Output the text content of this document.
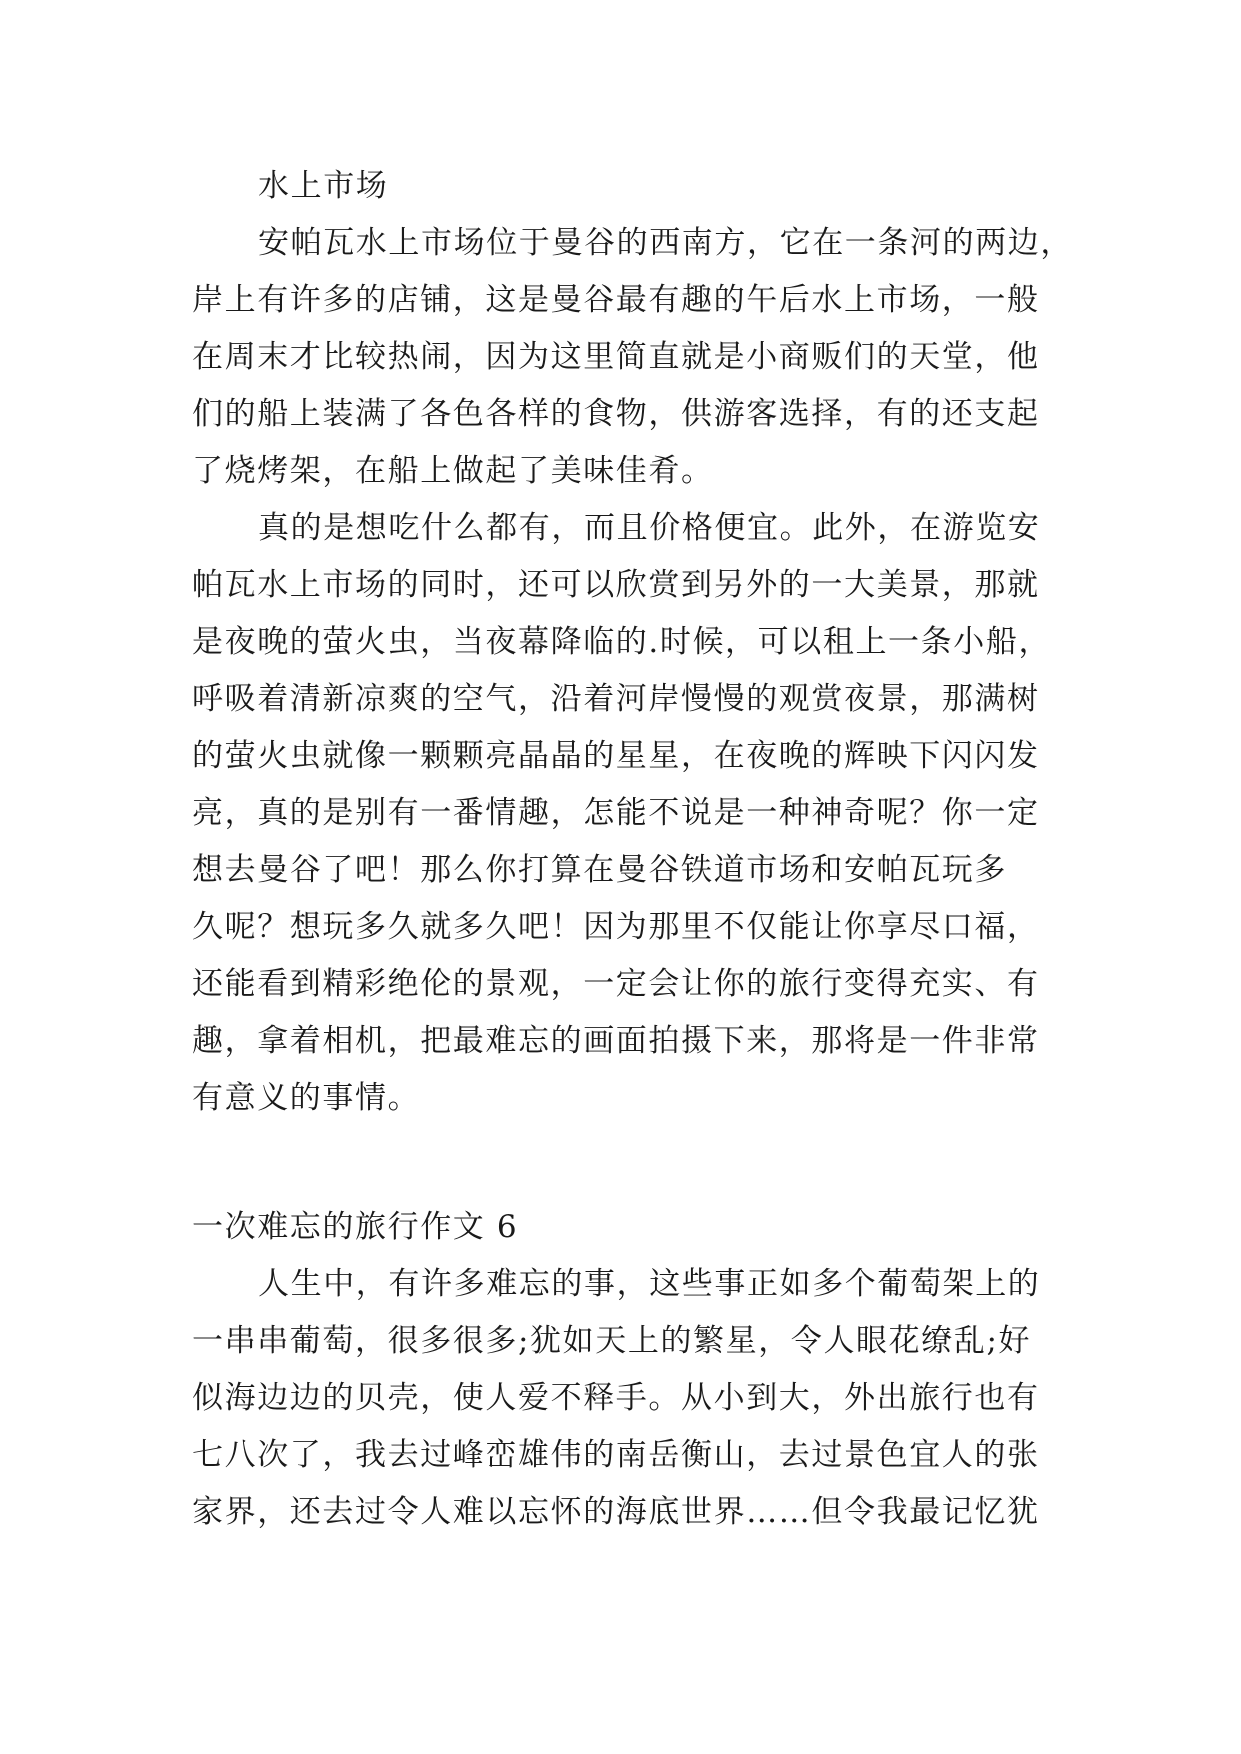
水上市场
安帕瓦水上市场位于曼谷的西南方，它在一条河的两边，
岸上有许多的店铺，这是曼谷最有趣的午后水上市场，一般
在周末才比较热闹，因为这里简直就是小商贩们的天堂，他
们的船上装满了各色各样的食物，供游客选择，有的还支起
了烧烤架，在船上做起了美味佳肴。
真的是想吃什么都有，而且价格便宜。此外，在游览安
帕瓦水上市场的同时，还可以欣赏到另外的一大美景，那就
是夜晚的萤火虫，当夜幕降临的.时候，可以租上一条小船，
呼吸着清新凉爽的空气，沿着河岸慢慢的观赏夜景，那满树
的萤火虫就像一颗颗亮晶晶的星星，在夜晚的辉映下闪闪发
亮，真的是别有一番情趣，怎能不说是一种神奇呢？你一定
想去曼谷了吧！那么你打算在曼谷铁道市场和安帕瓦玩多
久呢？想玩多久就多久吧！因为那里不仅能让你享尽口福，
还能看到精彩绝伦的景观，一定会让你的旅行变得充实、有
趣，拿着相机，把最难忘的画面拍摄下来，那将是一件非常
有意义的事情。
一次难忘的旅行作文 6
人生中，有许多难忘的事，这些事正如多个葡萄架上的
一串串葡萄，很多很多;犹如天上的繁星，令人眼花缭乱;好
似海边边的贝壳，使人爱不释手。从小到大，外出旅行也有
七八次了，我去过峰峦雄伟的南岳衡山，去过景色宜人的张
家界，还去过令人难以忘怀的海底世界……但令我最记忆犹
